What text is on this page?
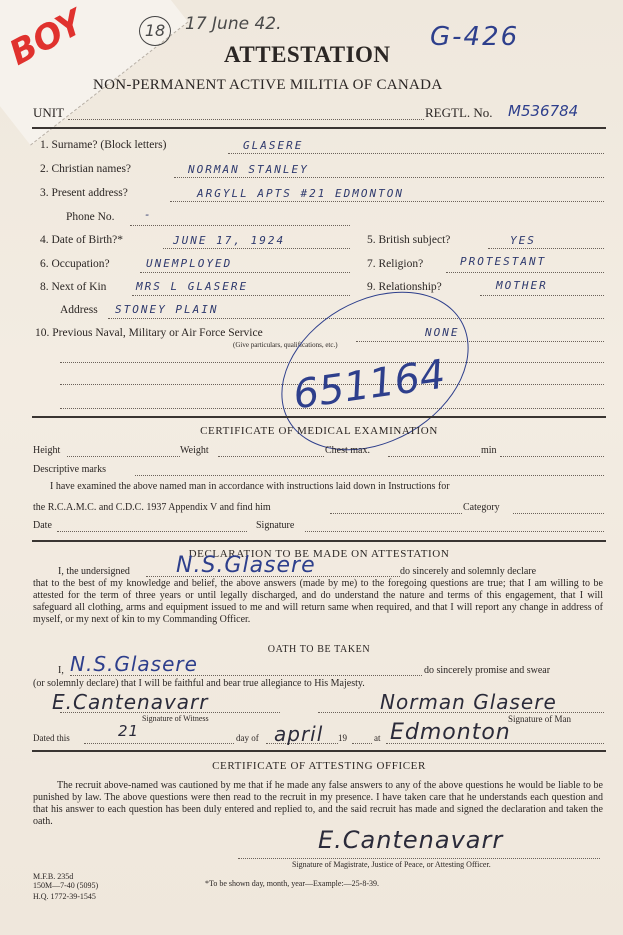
BOY	18	17 June 42.	G-426
ATTESTATION
NON-PERMANENT ACTIVE MILITIA OF CANADA
UNIT	REGTL. No. M536784
1. Surname? (Block letters)	GLASERE
2. Christian names?	NORMAN STANLEY
3. Present address?	ARGYLL APTS #21 EDMONTON
Phone No.	-
4. Date of Birth?*	JUNE 17, 1924	5. British subject?	YES
6. Occupation?	UNEMPLOYED	7. Religion?	PROTESTANT
8. Next of Kin	MRS L GLASERE	9. Relationship?	MOTHER
Address STONEY PLAIN
10. Previous Naval, Military or Air Force Service	NONE
(Give particulars, qualifications, etc.)
651164
CERTIFICATE OF MEDICAL EXAMINATION
Height	Weight	Chest max.	min
Descriptive marks
I have examined the above named man in accordance with instructions laid down in Instructions for
the R.C.A.M.C. and C.D.C. 1937 Appendix V and find him	Category
Date	Signature
DECLARATION TO BE MADE ON ATTESTATION
I, the undersigned N.S.Glasere	do sincerely and solemnly declare
that to the best of my knowledge and belief, the above answers (made by me) to the foregoing questions are true; that I am willing to be attested for the term of three years or until legally discharged, and do understand the nature and terms of this engagement, that I will safeguard all clothing, arms and equipment issued to me and will return same when required, and that I will report any change in address of myself, or my next of kin to my Commanding Officer.
OATH TO BE TAKEN
I, N.S.Glasere	do sincerely promise and swear
(or solemnly declare) that I will be faithful and bear true allegiance to His Majesty.
E.Cantenavarr
Signature of Witness
Norman Glasere
Signature of Man
Dated this	21	day of april 19	at Edmonton
CERTIFICATE OF ATTESTING OFFICER
The recruit above-named was cautioned by me that if he made any false answers to any of the above questions he would be liable to be punished by law. The above questions were then read to the recruit in my presence. I have taken care that he understands each question and that his answer to each question has been duly entered and replied to, and the said recruit has made and signed the declaration and taken the oath.
E.Cantenavarr
Signature of Magistrate, Justice of Peace, or Attesting Officer.
M.F.B. 235d
150M—7-40 (5095)
H.Q. 1772-39-1545
*To be shown day, month, year—Example:—25-8-39.
